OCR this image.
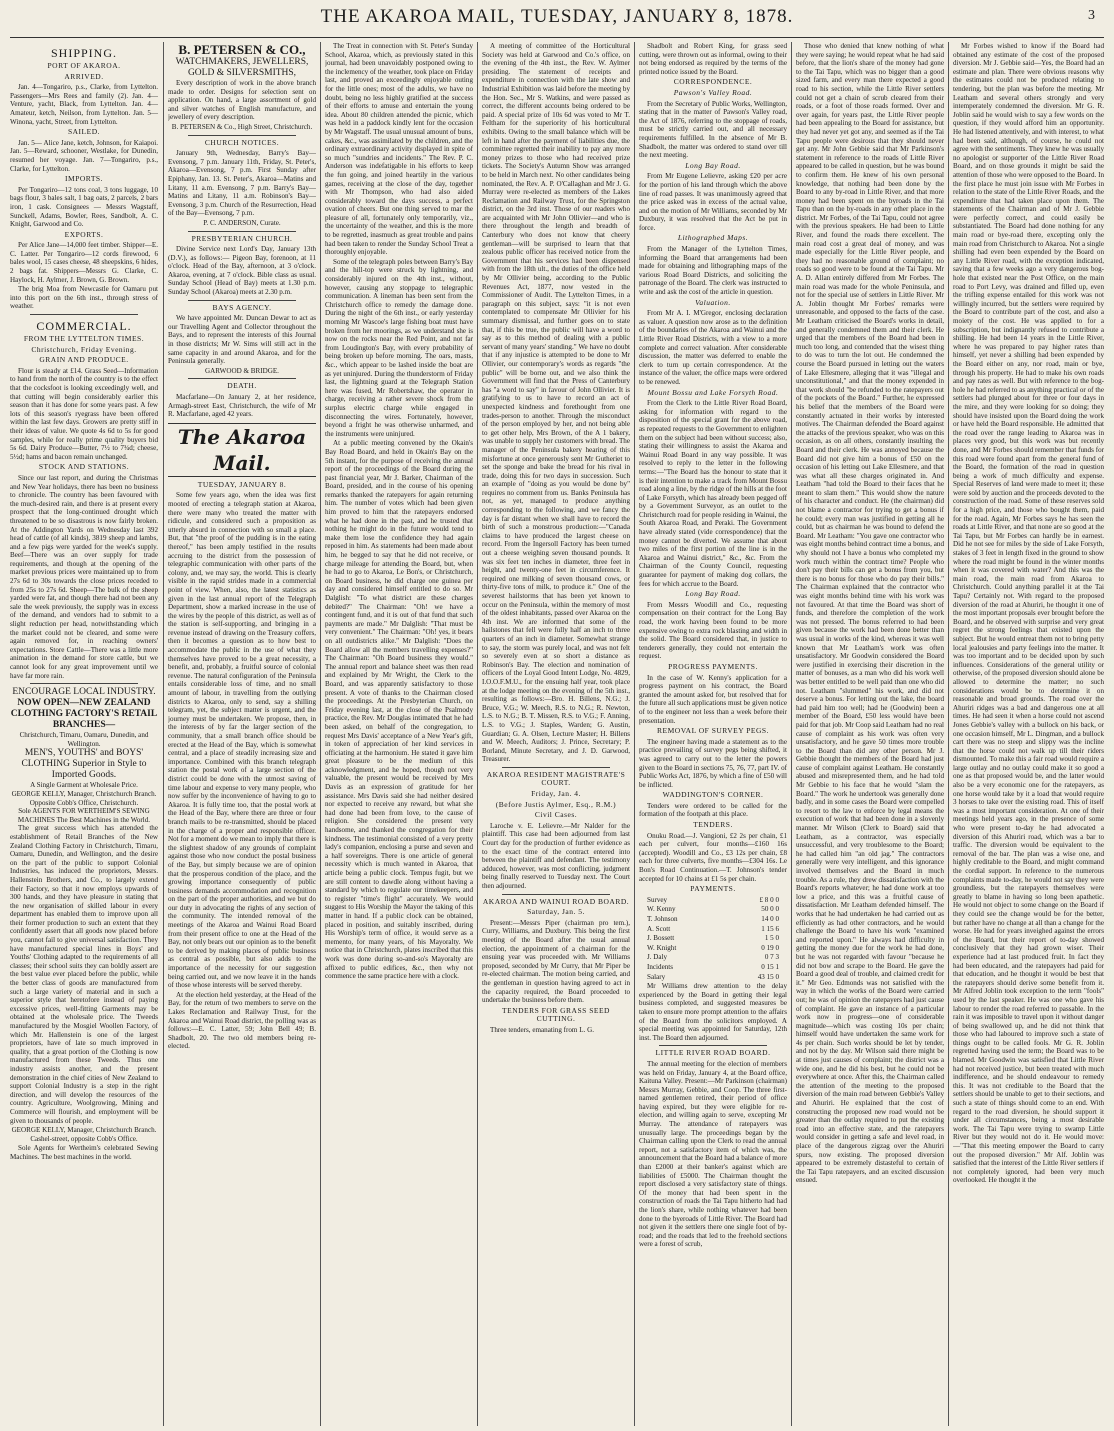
THE AKAROA MAIL, TUESDAY, JANUARY 8, 1878.	3

SHIPPING.

PORT OF AKAROA.

ARRIVED.

Jan. 4—Tongariro, p.s., Clarke, from Lyttelton. Passengers—Mrs Rees and family (2). Jan. 4—Venture, yacht, Black, from Lyttelton. Jan. 4—Amateur, ketch, Neilson, from Lyttelton. Jan. 5—Winona, yacht, Street, from Lyttelton.

SAILED.

Jan. 5— Alice Jane, ketch, Johnson, for Kaiapoi. Jan. 5—Reward, schooner, Westlake, for Dunedin, resumed her voyage. Jan. 7—Tongariro, p.s., Clarke, for Lyttelton.

IMPORTS.

Per Tongariro—12 tons coal, 3 tons luggage, 10 bags flour, 3 bales salt, 1 bag oats, 2 parcels, 2 bars iron, 1 cask. Consignees — Messrs Wagstaff, Sunckell, Adams, Bowler, Rees, Sandbolt, A. C. Knight, Garwood and Co.

EXPORTS.

Per Alice Jane—14,000 feet timber. Shipper—E. C. Latter. Per Tongariro—12 cords firewood, 6 bales wool, 15 cases cheese, 48 sheepskins, 6 hides, 2 bags fat. Shippers—Messrs G. Clarke, C. Haylock, H. Aylmer, J. Brown, G. Brown.

The brig Moa from Newcastle for Oamaru put into this port on the 6th inst., through stress of weather.

COMMERCIAL.

FROM THE LYTTELTON TIMES.

Christchurch, Friday Evening.

GRAIN AND PRODUCE.

Flour is steady at £14. Grass Seed—Information to hand from the north of the country is to the effect that the cocksfoot is looking exceedingly well, and that cutting will begin considerably earlier this season than it has done for some years past. A few lots of this season's ryegrass have been offered within the last few days. Growers are pretty stiff in their ideas of value. We quote 4s 6d to 5s for good samples, while for really prime quality buyers bid 5s 6d. Dairy Produce—Butter, 7½ to 7¾d; cheese, 5½d; hams and bacon remain unchanged.

STOCK AND STATIONS.

Since our last report, and during the Christmas and New Year holidays, there has been no business to chronicle. The country has been favoured with the much-desired rain, and there is at present every prospect that the long-continued drought which threatened to be so disastrous is now fairly broken. At the Addington Yards on Wednesday last 392 head of cattle (of all kinds), 3819 sheep and lambs, and a few pigs were yarded for the week's supply. Beef—There was an over supply for trade requirements, and though at the opening of the market previous prices were maintained up to from 27s 6d to 30s towards the close prices receded to from 25s to 27s 6d. Sheep—The bulk of the sheep yarded were fat, and though there had not been any sale the week previously, the supply was in excess of the demand, and vendors had to submit to a slight reduction per head, notwithstanding which the market could not be cleared, and some were again removed for, in reaching owners' expectations. Store Cattle—There was a little more animation in the demand for store cattle, but we cannot look for any great improvement until we have far more rain.

ENCOURAGE LOCAL INDUSTRY.
NOW OPEN—NEW ZEALAND CLOTHING FACTORY'S RETAIL BRANCHES—
Christchurch, Timaru, Oamaru, Dunedin, and Wellington.
MEN'S, YOUTHS' and BOYS' CLOTHING Superior in Style to Imported Goods.
A Single Garment at Wholesale Price.
GEORGE KELLY, Manager, Christchurch Branch. Opposite Cobb's Office, Christchurch.
Sole AGENTS FOR WERTHEIM'S SEWING MACHINES The Best Machines in the World.

The great success which has attended the establishment of Retail Branches of the New Zealand Clothing Factory in Christchurch, Timaru, Oamaru, Dunedin, and Wellington, and the desire on the part of the public to support Colonial Industries, has induced the proprietors, Messrs. Hallenstein Brothers, and Co., to largely extend their Factory, so that it now employs upwards of 300 hands, and they have pleasure in stating that the new organisation of skilled labour in every department has enabled them to improve upon all their former production to such an extent that they confidently assert that all goods now placed before you, cannot fail to give universal satisfaction. They have manufactured special lines in Boys' and Youths' Clothing adapted to the requirements of all classes; their school suits they can boldly assert are the best value ever placed before the public, while the better class of goods are manufactured from such a large variety of material and in such a superior style that heretofore instead of paying excessive prices, well-fitting Garments may be obtained at the wholesale price. The Tweeds manufactured by the Mosgiel Woollen Factory, of which Mr. Hallenstein is one of the largest proprietors, have of late so much improved in quality, that a great portion of the Clothing is now manufactured from these Tweeds. Thus one industry assists another, and the present demonstration in the chief cities of New Zealand to support Colonial Industry is a step in the right direction, and will develop the resources of the country. Agriculture, Woolgrowing, Mining and Commerce will flourish, and employment will be given to thousands of people.

GEORGE KELLY, Manager, Christchurch Branch. Cashel-street, opposite Cobb's Office.

Sole Agents for Wertheim's celebrated Sewing Machines. The best machines in the world.

B. PETERSEN & CO.,
WATCHMAKERS, JEWELLERS, GOLD & SILVERSMITHS,

Every description of work in the above branch made to order. Designs for selection sent on application. On hand, a large assortment of gold and silver watches of English manufacture, and jewellery of every description.

B. PETERSEN & Co., High Street, Christchurch.

CHURCH NOTICES.

January 9th, Wednesday, Barry's Bay—Evensong, 7 p.m. January 11th, Friday, St. Peter's, Akaroa—Evensong, 7 p.m. First Sunday after Epiphany, Jan. 13. St. Peter's, Akaroa—Matins and Litany, 11 a.m. Evensong, 7 p.m. Barry's Bay—Matins and Litany, 11 a.m. Robinson's Bay—Evensong, 3 p.m. Church of the Resurrection, Head of the Bay—Evensong, 7 p.m.

P. C. ANDERSON, Curate.

PRESBYTERIAN CHURCH.

Divine Service next Lord's Day, January 13th (D.V.), as follows:— Pigeon Bay, forenoon, at 11 o'clock. Head of the Bay, afternoon, at 3 o'clock. Akaroa, evening, at 7 o'clock. Bible class as usual. Sunday School (Head of Bay) meets at 1.30 p.m. Sunday School (Akaroa) meets at 2.30 p.m.

BAYS AGENCY.

We have appointed Mr. Duncan Dewar to act as our Travelling Agent and Collector throughout the Bays, and to represent the interests of this Journal in those districts; Mr W. Sims will still act in the same capacity in and around Akaroa, and for the Peninsula generally.

GARWOOD & BRIDGE.

DEATH.

Macfarlane—On January 2, at her residence, Armagh-street East, Christchurch, the wife of Mr R. Macfarlane, aged 42 years.

The Akaroa Mail.

TUESDAY, JANUARY 8.

Some few years ago, when the idea was first mooted of erecting a telegraph station at Akaroa, there were many who treated the matter with ridicule, and considered such a proposition as utterly absurd in connection with so small a place. But, that "the proof of the pudding is in the eating thereof," has been amply testified in the results accruing to the district from the possession of telegraphic communication with other parts of the colony, and, we may say, the world. This is clearly visible in the rapid strides made in a commercial point of view. When, also, the latest statistics as given in the last annual report of the Telegraph Department, show a marked increase in the use of the wires by the people of this district, as well as of the station is self-supporting, and bringing in a revenue instead of drawing on the Treasury coffers, then it becomes a question as to how best to accommodate the public in the use of what they themselves have proved to be a great necessity, a benefit, and, probably, a fruitful source of colonial revenue. The natural configuration of the Peninsula entails considerable loss of time, and no small amount of labour, in travelling from the outlying districts to Akaroa, only to send, say a shilling telegram, yet, the subject matter is urgent, and the journey must be undertaken. We propose, then, in the interests of by far the larger section of the community, that a small branch office should be erected at the Head of the Bay, which is somewhat central, and a place of steadily increasing size and importance. Combined with this branch telegraph station the postal work of a large section of the district could be done with the utmost saving of time labour and expense to very many people, who now suffer by the inconvenience of having to go to Akaroa. It is fully time too, that the postal work at the Head of the Bay, where there are three or four branch mails to be re-transmitted, should be placed in the charge of a proper and responsible officer. Not for a moment do we mean to imply that there is the slightest shadow of any grounds of complaint against those who now conduct the postal business of the Bay, but simply because we are of opinion that the prosperous condition of the place, and the growing importance consequently of public business demands accommodation and recognition on the part of the proper authorities, and we but do our duty in advocating the rights of any section of the community. The intended removal of the meetings of the Akaroa and Wainui Road Board from their present office to one at the Head of the Bay, not only bears out our opinion as to the benefit to be derived by making places of public business as central as possible, but also adds to the importance of the necessity for our suggestion being carried out, and we now leave it in the hands of those whose interests will be served thereby.

At the election held yesterday, at the Head of the Bay, for the return of two members to serve on the Lakes Reclamation and Railway Trust, for the Akaroa and Wainui Road district, the polling was as follows:—E. C. Latter, 59; John Bell 49; B. Shadbolt, 20. The two old members being re-elected.

The Treat in connection with St. Peter's Sunday School, Akaroa, which, as previously stated in this journal, had been unavoidably postponed owing to the inclemency of the weather, took place on Friday last, and proved an exceedingly enjoyable outing for the little ones; most of the adults, we have no doubt, being no less highly gratified at the success of their efforts to amuse and entertain the young idea. About 80 children attended the picnic, which was held in a paddock kindly lent for the occasion by Mr Wagstaff. The usual unusual amount of buns, cakes, &c., was assimilated by the children, and the ordinary extraordinary activity displayed in spite of so much "sundries and incidents." The Rev. P. C. Anderson was indefatigable in his efforts to keep the fun going, and joined heartily in the various games, receiving at the close of the day, together with Mr Thompson, who had also aided considerably toward the days success, a perfect ovation of cheers. But one thing served to mar the pleasure of all, fortunately only temporarily, viz., the uncertainty of the weather, and this is the more to be regretted, inasmuch as great trouble and pains had been taken to render the Sunday School Treat a thoroughly enjoyable.

Some of the telegraph poles between Barry's Bay and the hill-top were struck by lightning, and considerably injured on the 4th inst., without, however, causing any stoppage to telegraphic communication. A lineman has been sent from the Christchurch office to remedy the damage done. During the night of the 6th inst., or early yesterday morning Mr Wascoe's large fishing boat must have broken from her moorings, as we understand she is now on the rocks near the Red Point, and not far from Loudington's Bay, with every probability of being broken up before morning. The oars, masts, &c., which appear to be lashed inside the boat are as yet uninjured. During the thunderstorm of Friday last, the lightning guard at the Telegraph Station here was fused, Mr Robertshaw, the operator in charge, receiving a rather severe shock from the surplus electric charge while engaged in disconnecting the wires. Fortunately, however, beyond a fright he was otherwise unharmed, and the instruments were uninjured.

At a public meeting convened by the Okain's Bay Road Board, and held in Okain's Bay on the 5th instant, for the purpose of receiving the annual report of the proceedings of the Board during the past financial year, Mr J. Barker, Chairman of the Board, presided, and in the course of his opening remarks thanked the ratepayers for again returning him. The number of votes which had been given him proved to him that the ratepayers endorsed what he had done in the past, and he trusted that nothing he might do in the future would tend to make them lose the confidence they had again reposed in him. As statements had been made about him, he begged to say that he did not receive, or charge mileage for attending the Board, but, when he had to go to Akaroa, Le Bon's, or Christchurch, on Board business, he did charge one guinea per day and considered himself entitled to do so. Mr Dalglish: "To what district are these charges debited?" The Chairman: "Oh! we have a contingent fund, and it is out of that fund that such payments are made." Mr Dalglish: "That must be very convenient." The Chairman: "Oh! yes, it bears on all outdistricts alike." Mr Dalglish: "Does the Board allow all the members travelling expenses?" The Chairman: "Oh Board business they would." The annual report and balance sheet was then read and explained by Mr Wright, the Clerk to the Board, and was apparently satisfactory to those present. A vote of thanks to the Chairman closed the proceedings. At the Presbyterian Church, on Friday evening last, at the close of the Psalmody practice, the Rev. Mr Douglas intimated that he had been asked, on behalf of the congregation, to request Mrs Davis' acceptance of a New Year's gift, in token of appreciation of her kind services in officiating at the harmonium. He stated it gave him great pleasure to be the medium of this acknowledgment, and he hoped, though not very valuable, the present would be received by Mrs Davis as an expression of gratitude for her assistance. Mrs Davis said she had neither desired nor expected to receive any reward, but what she had done had been from love, to the cause of religion. She considered the present very handsome, and thanked the congregation for their kindness. The testimonial consisted of a very pretty lady's companion, enclosing a purse and seven and a half sovereigns. There is one article of general necessity which is much wanted in Akaroa, that article being a public clock. Tempus fugit, but we are still content to dawdle along without having a standard by which to regulate our timekeepers, and to register "time's flight" accurately. We would suggest to His Worship the Mayor the taking of this matter in hand. If a public clock can be obtained, placed in position, and suitably inscribed, during His Worship's term of office, it would serve as a memento, for many years, of his Mayoralty. We notice that in Christchurch, plates inscribed that this work was done during so-and-so's Mayoralty are affixed to public edifices, &c., then why not commence the same practice here with a clock.

A meeting of committee of the Horticultural Society was held at Garwood and Co.'s office, on the evening of the 4th inst., the Rev. W. Aylmer presiding. The statement of receipts and expenditure in connection with the late show and Industrial Exhibition was laid before the meeting by the Hon. Sec., Mr S. Watkins, and were passed as correct, the different accounts being ordered to be paid. A special prize of 10s 6d was voted to Mr T. Feltham for the superiority of his horticultural exhibits. Owing to the small balance which will be left in hand after the payment of liabilities due, the committee regretted their inability to pay any more money prizes to those who had received prize tickets. The Society's Autumn Show was arranged to be held in March next. No other candidates being nominated, the Rev. A. P. O'Callaghan and Mr J. G. Murray were re-elected as members of the Lakes Reclamation and Railway Trust, for the Springston district, on the 3rd inst. Those of our readers who are acquainted with Mr John Ollivier—and who is there throughout the length and breadth of Canterbury who does not know that cheery gentleman—will be surprised to learn that that zealous public officer has received notice from the Government that his services had been dispensed with from the 18th ult., the duties of the office held by Mr Ollivier being, according to the Public Revenues Act, 1877, now vested in the Commissioner of Audit. The Lyttelton Times, in a paragraph on this subject, says: "it is not even contemplated to compensate Mr Ollivier for his summary dismissal, and further goes on to state that, if this be true, the public will have a word to say as to this method of dealing with a public servant of many years' standing." We have no doubt that if any injustice is attempted to be done to Mr Ollivier, our contemporary's words as regards "the public" will be borne out, and we also think the Government will find that the Press of Canterbury has "a word to say" in favour of John Ollivier. It is gratifying to us to have to record an act of unexpected kindness and forethought from one trades-person to another. Through the misconduct of the person employed by her, and not being able to get other help, Mrs Brown, of the A 1 bakery, was unable to supply her customers with bread. The manager of the Peninsula bakery hearing of this misfortune at once generously sent Mr Gutheriet to set the sponge and bake the bread for his rival in trade, doing this for two days in succession. Such an example of "doing as you would be done by" requires no comment from us. Banks Peninsula has not, as yet, managed to produce anything corresponding to the following, and we fancy the day is far distant when we shall have to record the birth of such a monstrous production:—"Canada claims to have produced the largest cheese on record. From the Ingersoll Factory has been turned out a cheese weighing seven thousand pounds. It was six feet ten inches in diameter, three feet in height, and twenty-one feet in circumference. It required one milking of seven thousand cows, or thirty-five tons of milk, to produce it." One of the severest hailstorms that has been yet known to occur on the Peninsula, within the memory of most of the oldest inhabitants, passed over Akaroa on the 4th inst. We are informed that some of the hailstones that fell were fully half an inch to three quarters of an inch in diameter. Somewhat strange to say, the storm was purely local, and was not felt so severely even at so short a distance as Robinson's Bay. The election and nomination of officers of the Loyal Good Intent Lodge, No. 4829, I.O.O.F.M.U., for the ensuing half year, took place at the lodge meeting on the evening of the 5th inst., resulting as follows:—Bro. H. Billens, N.G.; J. Bruce, V.G.; W. Meech, R.S. to N.G.; R. Newton, L.S. to N.G.; B. T. Missen, R.S. to V.G.; F. Anning, L.S. to V.G.; J. Staples, Warden; G. Austin, Guardian; G. A. Olsen, Lecture Master; H. Billens and W. Meech, Auditors; J. Prince, Secretary; P. Borland, Minute Secretary, and J. D. Garwood, Treasurer.

AKAROA RESIDENT MAGISTRATE'S COURT.

Friday, Jan. 4.

(Before Justis Aylmer, Esq., R.M.)

Civil Cases.

Laroche v. E. Lelievre.—Mr Nalder for the plaintiff. This case had been adjourned from last Court day for the production of further evidence as to the exact time of the contract entered into between the plaintiff and defendant. The testimony adduced, however, was most conflicting, judgment being finally reserved to Tuesday next. The Court then adjourned.

AKAROA AND WAINUI ROAD BOARD.

Saturday, Jan. 5.

Present:—Messrs Piper (chairman pro tem.), Curry, Williams, and Duxbury. This being the first meeting of the Board after the usual annual election, the appointment of a chairman for the ensuing year was proceeded with. Mr Williams proposed, seconded by Mr Curry, that Mr Piper be re-elected chairman. The motion being carried, and the gentleman in question having agreed to act in the capacity required, the Board proceeded to undertake the business before them.

TENDERS FOR GRASS SEED CUTTING.

Three tenders, emanating from L. G.

Shadbolt and Robert King, for grass seed cutting, were thrown out as informal, owing to their not being endorsed as required by the terms of the printed notice issued by the Board.

CORRESPONDENCE.

Pawson's Valley Road.

From the Secretary of Public Works, Wellington, stating that in the matter of Pawson's Valley road, the Act of 1876, referring to the stoppage of roads, must be strictly carried out, and all necessary requirements fulfilled. In the absence of Mr B. Shadbolt, the matter was ordered to stand over till the next meeting.

Long Bay Road.

From Mr Eugene Lelievre, asking £20 per acre for the portion of his land through which the above line of road passes. It was unanimously agreed that the price asked was in excess of the actual value, and on the motion of Mr Williams, seconded by Mr Duxbury, it was resolved that the Act be put in force.

Lithographed Maps.

From the Manager of the Lyttelton Times, informing the Board that arrangements had been made for obtaining and lithographing maps of the various Road Board Districts, and soliciting the patronage of the Board. The clerk was instructed to write and ask the cost of the article in question.

Valuation.

From Mr A. I. M'Gregor, enclosing declaration as valuer. A question now arose as to the definition of the boundaries of the Akaroa and Wainui and the Little River Road Districts, with a view to a more complete and correct valuation. After considerable discussion, the matter was deferred to enable the clerk to turn up certain correspondence. At the instance of the valuer, the office maps were ordered to be renewed.

Mount Bossu and Lake Forsyth Road.

From the Clerk to the Little River Road Board, asking for information with regard to the disposition of the special grant for the above road, as repeated requests to the Government to enlighten them on the subject had been without success; also, stating their willingness to assist the Akaroa and Wainui Road Board in any way possible. It was resolved to reply to the letter in the following terms:—"The Board has the honour to state that it is their intention to make a track from Mount Bossu road along a line, by the ridge of the hills at the foot of Lake Forsyth, which has already been pegged off by a Government Surveyor, as an outlet to the Christchurch road for people residing in Wainui, the South Akaroa Road, and Peraki. The Government have already stated (vide correspondence) that the money cannot be diverted. We assume that about two miles of the first portion of the line is in the Akaroa and Wainui district," &c., &c. From the Chairman of the County Council, requesting guarantee for payment of making dog collars, the fees for which accrue to the Board.

Long Bay Road.

From Messrs Woodill and Co., requesting compensation on their contract for the Long Bay road, the work having been found to be more expensive owing to extra rock blasting and width in the solid. The Board considered that, in justice to tenderers generally, they could not entertain the request.

PROGRESS PAYMENTS.

In the case of W. Kenny's application for a progress payment on his contract, the Board granted the amount asked for, but resolved that for the future all such applications must be given notice of to the engineer not less than a week before their presentation.

REMOVAL OF SURVEY PEGS.

The engineer having made a statement as to the practice prevailing of survey pegs being shifted, it was agreed to carry out to the letter the powers given to the Board in sections 75, 76, 77, part IV. of Public Works Act, 1876, by which a fine of £50 will be inflicted.

WADDINGTON'S CORNER.

Tenders were ordered to be called for the formation of the footpath at this place.

TENDERS.

Onuku Road.—J. Vangioni, £2 2s per chain, £1 each per culvert, four months—£160 16s (accepted). Woodill and Co., £3 12s per chain, £8 each for three culverts, five months—£304 16s. Le Bon's Road Continuation.—T. Johnson's tender accepted for 10 chains at £1 5s per chain.

PAYMENTS.

Survey	£ 8 0 0

W. Kenny	50 0 0

T. Johnson	14 0 0

A. Scott	1 15 6

J. Bossett	1 5 0

W. Knight	0 19 0

J. Daly	0 7 3

Incidents	0 15 1

Salary	43 15 0

Mr Williams drew attention to the delay experienced by the Board in getting their legal business completed, and suggested measures be taken to ensure more prompt attention to the affairs of the Board from the solicitors employed. A special meeting was appointed for Saturday, 12th inst. The Board then adjourned.

LITTLE RIVER ROAD BOARD.

The annual meeting for the election of members was held on Friday, January 4, at the Board office, Kaituna Valley. Present:—Mr Parkinson (chairman) Messrs Murray, Gebbie, and Coop. The three first-named gentlemen retired, their period of office having expired, but they were eligible for re-election, and willing again to serve, excepting Mr Murray. The attendance of ratepayers was unusually large. The proceedings began by the Chairman calling upon the Clerk to read the annual report, not a satisfactory item of which was, the announcement that the Board had a balance of more than £2000 at their banker's against which are liabilities of £5000. The Chairman thought the report disclosed a very satisfactory state of things. Of the money that had been spent in the construction of roads the Tai Tapu hitherto had had the lion's share, while nothing whatever had been done to the byeroads of Little River. The Board had not given it the settlers there one single foot of by-road; and the roads that led to the freehold sections were a forest of scrub,

Those who denied that knew nothing of what they were saying; he would repeat what he had said before, that the lion's share of the money had gone to the Tai Tapu, which was no bigger than a good sized farm, and every man there expected a good road to his section, while the Little River settlers could not get a chain of scrub cleared from their roads, or a foot of those roads formed. Over and over again, for years past, the Little River people had been appealing to the Board for assistance, but they had never yet got any, and seemed as if the Tai Tapu people were desirous that they should never get any. Mr John Gebbie said that Mr Parkinson's statement in reference to the roads of Little River appeared to be called in question, but he was bound to confirm them. He knew of his own personal knowledge, that nothing had been done by the Board to any by-road in Little River, and that more money had been spent on the byroads in the Tai Tapu than on the by-roads in any other place in the district. Mr Forbes, of the Tai Tapu, could not agree with the previous speakers. He had been to Little River, and found the roads there excellent. The main road cost a great deal of money, and was made especially for the Little River people, and they had no reasonable ground of complaint; no roads so good were to be found at the Tai Tapu. Mr A. D. Allan entirely differed from Mr Forbes. The main road was made for the whole Peninsula, and not for the special use of settlers in Little River. Mr A. Joblin thought Mr Forbes' remarks were unreasonable, and opposed to the facts of the case. Mr Leatham criticised the Board's works in detail, and generally condemned them and their clerk. He urged that the members of the Board had been in much too long, and contended that the wisest thing to do was to turn the lot out. He condemned the course the Board pursued in letting out the waters of Lake Ellesmere, alleging that it was "illegal and unconstitutional," and that the money expended in that work should "be refunded to the ratepayers out of the pockets of the Board." Further, he expressed his belief that the members of the Board were constantly actuated in their works by interested motives. The Chairman defended the Board against the attacks of the previous speaker, who was on this occasion, as on all others, constantly insulting the Board and their clerk. He was annoyed because the Board did not give him a bonus of £50 on the occasion of his letting out Lake Ellesmere, and that was what all these charges originated in. And Leatham "had told the Board to their faces that he meant to slam them." This would show the nature of his character and conduct. He (the chairman) did not blame a contractor for trying to get a bonus if he could; every man was justified in getting all he could, but as chairman he was bound to defend the Board. Mr Leatham: "You gave one contractor who was eight months behind contract time a bonus, and why should not I have a bonus who completed my work much within the contract time? People who don't pay their bills can get a bonus from you, but there is no bonus for those who do pay their bills." The Chairman explained that the contractor who was eight months behind time with his work was not favoured. At that time the Board was short of funds, and therefore the completion of the work was not pressed. The bonus referred to had been given because the work had been done better than was usual in works of the kind, whereas it was well known that Mr Leatham's work was often unsatisfactory. Mr Goodwin considered the Board were justified in exercising their discretion in the matter of bonuses, as a man who did his work well was better entitled to be well paid than one who did not. Leatham "slummed" his work, and did not deserve a bonus. For letting out the lake, the board had paid him too well; had he (Goodwin) been a member of the Board, £50 less would have been paid for that job. Mr Coop said Leatham had no real cause of complaint as his work was often very unsatisfactory, and he gave 50 times more trouble to the Board than did any other person. Mr J. Gebbie thought the members of the Board had just cause of complaint against Leatham. He constantly abused and misrepresented them, and he had told Mr Gebbie to his face that he would "slam the Board." The work he undertook was generally done badly, and in some cases the Board were compelled to resort to the law to enforce by legal means the execution of work that had been done in a slovenly manner. Mr Wilson (Clerk to Board) said that Leatham, as a contractor, was especially unsuccessful, and very troublesome to the Board; he had called him "an old jag." The contractors generally were very intelligent, and this ignorance involved themselves and the Board in much trouble. As a rule, they drew dissatisfaction with the Board's reports whatever; he had done work at too low a price, and this was a fruitful cause of dissatisfaction. Mr Leatham defended himself. The works that he had undertaken he had carried out as efficiently as had other contractors, and he would challenge the Board to have his work "examined and reported upon." He always had difficulty in getting the money due for the work he had done, but he was not regarded with favour "because he did not bow and scrape to the Board. He gave the Board a good deal of trouble, and claimed credit for it." Mr Geo. Edmonds was not satisfied with the way in which the works of the Board were carried out; he was of opinion the ratepayers had just cause of complaint. He gave an instance of a particular work now in progress—one of considerable magnitude—which was costing 10s per chain; himself would have undertaken the same work for 4s per chain. Such works should be let by tender, and not by the day. Mr Wilson said there might be at times just causes of complaint; the district was a wide one, and he did his best, but he could not be everywhere at once. After this, the Chairman called the attention of the meeting to the proposed diversion of the main road between Gebbie's Valley and Ahuriri. He explained that the cost of constructing the proposed new road would not be greater than the outlay required to put the existing road into an effective state, and the ratepayers would consider in getting a safe and level road, in place of the dangerous zigzag over the Ahuriri spurs, now existing. The proposed diversion appeared to be extremely distasteful to certain of the Tai Tapu ratepayers, and an excited discussion ensued.

Mr Forbes wished to know if the Board had obtained any estimate of the cost of the proposed diversion. Mr J. Gebbie said—Yes, the Board had an estimate and plan. There were obvious reasons why the estimates could not be produced relating to tendering, but the plan was before the meeting. Mr Leatham and several others strongly and very intemperately condemned the diversion. Mr G. R. Joblin said he would wish to say a few words on the question, if they would afford him an opportunity. He had listened attentively, and with interest, to what had been said, although, of course, he could not agree with the sentiments. They knew he was usually no apologist or supporter of the Little River Road Board, and on those grounds it might be said the attention of those who were opposed to the Board. In the first place he must join issue with Mr Forbes in relation to the state of the Little River Roads, and the expenditure that had taken place upon them. The statements of the Chairman and of Mr J. Gebbie were perfectly correct, and could easily be substantiated. The Board had done nothing for any main road or bye-road there, excepting only the main road from Christchurch to Akaroa. Not a single shilling had even been expended by the Board on any Little River road, with the exception indicated, saving that a few weeks ago a very dangerous bog-hole that existed near the Post Office, on the main road to Port Levy, was drained and filled up, even the trifling expense entailed for this work was not willingly incurred, but the settlers were required by the Board to contribute part of the cost, and also a moiety of the cost. He was applied to for a subscription, but indignantly refused to contribute a shilling. He had been 14 years in the Little River, where he was prepared to pay higher rates than himself, yet never a shilling had been expended by the Board either on any, nor road, main or bye, through his property. He had to make his own roads and pay rates as well. But with reference to the bog-hole he had referred to as anything practical or of the settlers had plunged about for three or four days in the mire, and they were looking for so doing; they should have insisted upon the Board doing the work or have held the Board responsible. He admitted that the road over the range leading to Akaroa was in places very good, but this work was but recently done, and Mr Forbes should remember that funds for this road were found apart from the general fund of the Board, the formation of the road in question being a work of much difficulty and expense. Special Reserves of land were made to meet it; these were sold by auction and the proceeds devoted to the construction of the road. Some of these reserves sold for a high price, and those who bought them, paid for the road. Again, Mr Forbes says he has seen the roads at Little River, and that none are so good at the Tai Tapu, but Mr Forbes can hardly be in earnest. Did he not see for miles by the side of Lake Forsyth, stakes of 3 feet in length fixed in the ground to show where the road might be found in the winter months when it was covered with water? And this was the main road, the main road from Akaroa to Christchurch. Could anything parallel it at the Tai Tapu? Certainly not. With regard to the proposed diversion of the road at Ahuriri, he thought it one of the most important proposals ever brought before the Board, and he observed with surprise and very great regret the strong feelings that existed upon the subject. But he would entreat them not to bring petty local jealousies and party feelings into the matter. It was too important and to be decided upon by such influences. Considerations of the general utility or otherwise, of the proposed diversion should alone be allowed to determine the matter; no such considerations would be to determine it on reasonable and broad grounds. The road over the Ahuriri ridges was a bad and dangerous one at all times. He had seen it when a horse could not ascend Jones Gebbie's valley with a bullock on his back, or one occasion himself, Mr L. Dingman, and a bullock cart there was no steep and slippy was the incline that the horse could not walk up till their riders dismounted. To make this a fair road would require a large outlay and no outlay could make it so good a one as that proposed would be, and the latter would also be a very economic one for the ratepayers, as one horse would take by it a load that would require 3 horses to take over the existing road. This of itself was a most important consideration. At one of their meetings held years ago, in the presence of some who were present to-day he had advocated a diversion of this Ahuriri road, which was a bar to traffic. The diversion would be equivalent to the removal of the bar. The plan was a wise one, and highly creditable to the Board, and might command the cordial support. In reference to the numerous complaints made to-day, he would not say they were groundless, but the ratepayers themselves were greatly to blame in having so long been apathetic. He would not object to some change on the Board if they could see the change would be for the better, but rather have no change at all than a change for the worse. He had for years inveighed against the errors of the Board, but their report of to-day showed conclusively that they had grown wiser. Their experience had at last produced fruit. In fact they had been educated, and the ratepayers had paid for that education, and he thought it would be best that the ratepayers should derive some benefit from it. Mr Alfred Joblin took exception to the term "fools" used by the last speaker. He was one who gave his labour to render the road referred to passable. In the rain it was imposible to travel upon it without danger of being swallowed up, and he did not think that those who had laboured to improve such a state of things ought to be called fools. Mr G. R. Joblin regretted having used the term; the Board was to be blamed. Mr Goodwin was satisfied that Little River had not received justice, but been treated with much indifference, and he should endeavour to remedy this. It was not creditable to the Board that the settlers should be unable to get to their sections, and such a state of things should come to an end. With regard to the road diversion, he should support it under all circumstances, being a most desirable work. The Tai Tapu were trying to swamp Little River but they would not do it. He would move:—"That this meeting empower the Board to carry out the proposed diversion." Mr Alf. Joblin was satisfied that the interest of the Little River settlers if not completely ignored, had been very much overlooked. He thought it the
